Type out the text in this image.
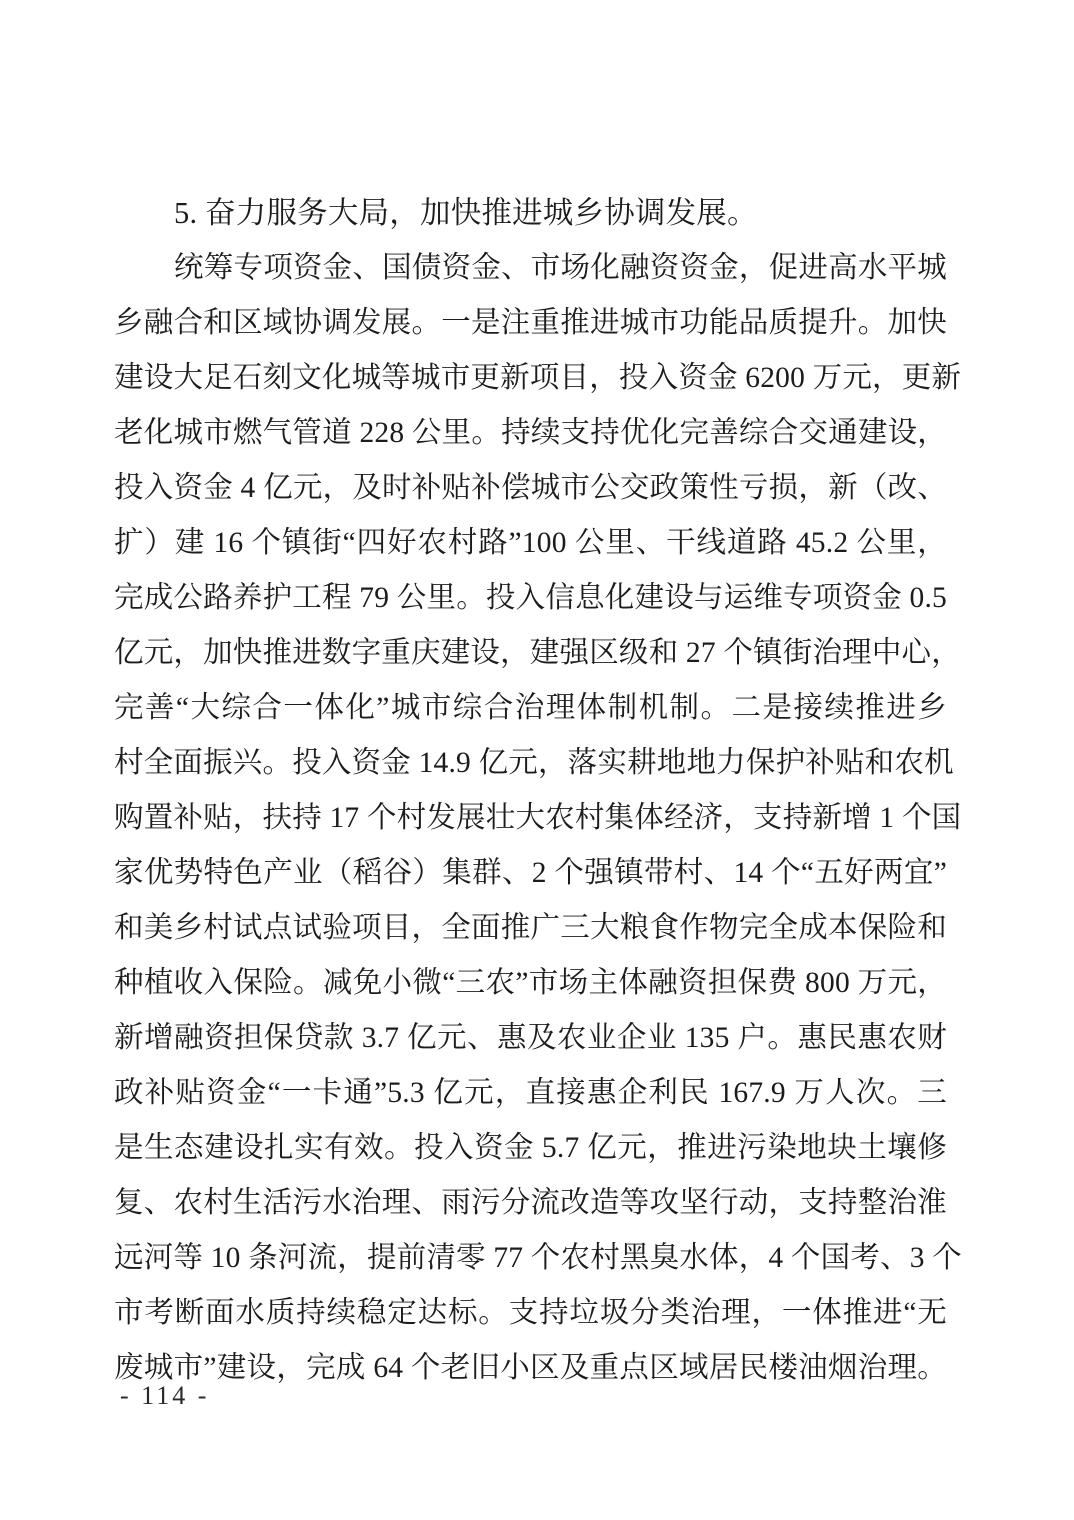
5. 奋力服务大局，加快推进城乡协调发展。
统筹专项资金、国债资金、市场化融资资金，促进高水平城
乡融合和区域协调发展。一是注重推进城市功能品质提升。加快
建设大足石刻文化城等城市更新项目，投入资金 6200 万元，更新
老化城市燃气管道 228 公里。持续支持优化完善综合交通建设，
投入资金 4 亿元，及时补贴补偿城市公交政策性亏损，新（改、
扩）建 16 个镇街“四好农村路”100 公里、干线道路 45.2 公里，
完成公路养护工程 79 公里。投入信息化建设与运维专项资金 0.5
亿元，加快推进数字重庆建设，建强区级和 27 个镇街治理中心，
完善“大综合一体化”城市综合治理体制机制。二是接续推进乡
村全面振兴。投入资金 14.9 亿元，落实耕地地力保护补贴和农机
购置补贴，扶持 17 个村发展壮大农村集体经济，支持新增 1 个国
家优势特色产业（稻谷）集群、2 个强镇带村、14 个“五好两宜”
和美乡村试点试验项目，全面推广三大粮食作物完全成本保险和
种植收入保险。减免小微“三农”市场主体融资担保费 800 万元，
新增融资担保贷款 3.7 亿元、惠及农业企业 135 户。惠民惠农财
政补贴资金“一卡通”5.3 亿元，直接惠企利民 167.9 万人次。三
是生态建设扎实有效。投入资金 5.7 亿元，推进污染地块土壤修
复、农村生活污水治理、雨污分流改造等攻坚行动，支持整治淮
远河等 10 条河流，提前清零 77 个农村黑臭水体，4 个国考、3 个
市考断面水质持续稳定达标。支持垃圾分类治理，一体推进“无
废城市”建设，完成 64 个老旧小区及重点区域居民楼油烟治理。
- 114 -
